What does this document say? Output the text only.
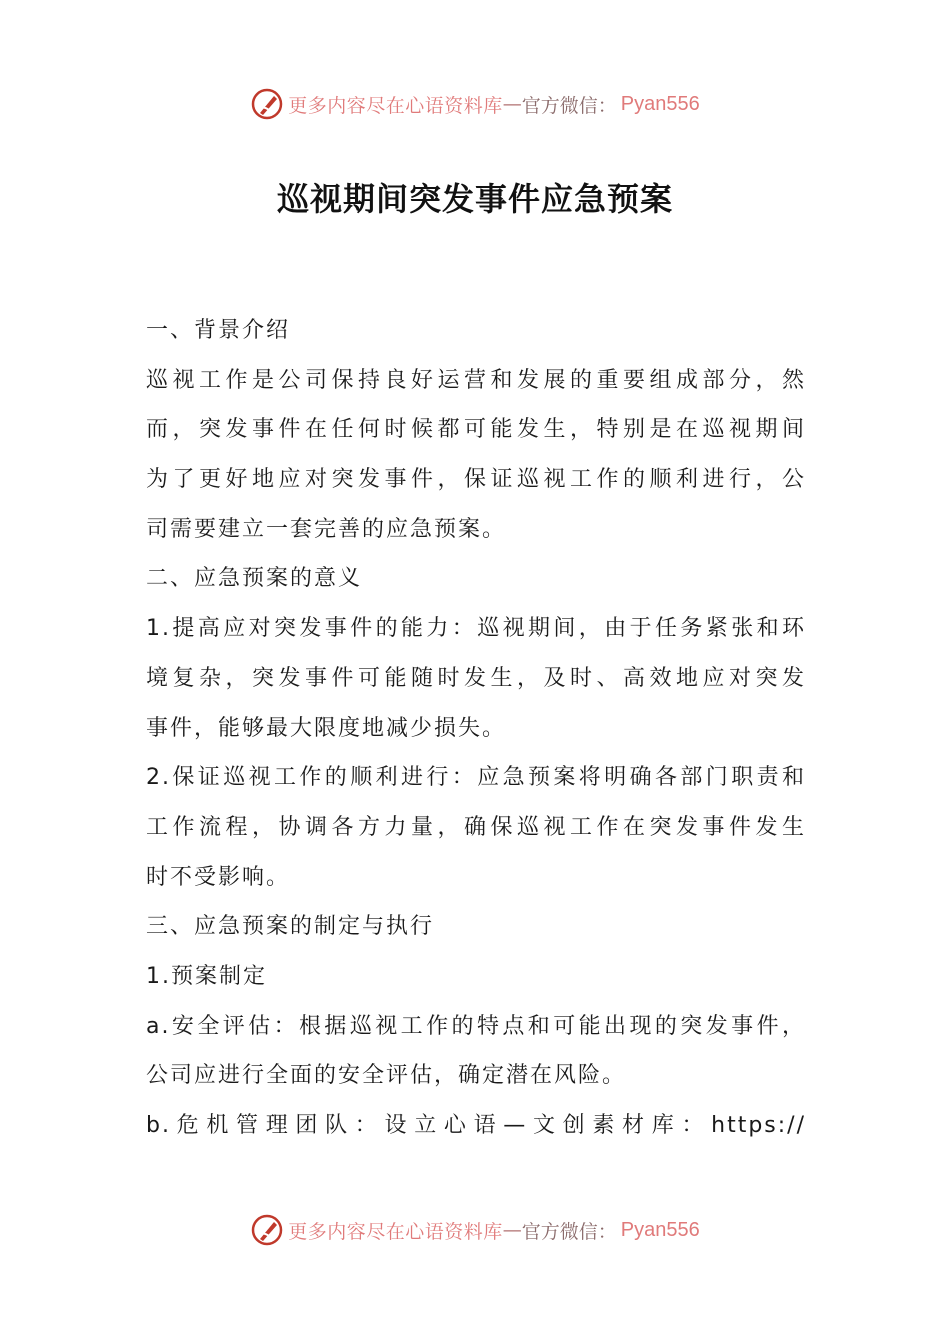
更多内容尽在心语资料库 — 官方微信： Pyan556
巡视期间突发事件应急预案
一、背景介绍
巡视工作是公司保持良好运营和发展的重要组成部分，然
而，突发事件在任何时候都可能发生，特别是在巡视期间
为了更好地应对突发事件，保证巡视工作的顺利进行，公
司需要建立一套完善的应急预案。
二、应急预案的意义
1.提高应对突发事件的能力：巡视期间，由于任务紧张和环
境复杂，突发事件可能随时发生，及时、高效地应对突发
事件，能够最大限度地减少损失。
2.保证巡视工作的顺利进行：应急预案将明确各部门职责和
工作流程，协调各方力量，确保巡视工作在突发事件发生
时不受影响。
三、应急预案的制定与执行
1.预案制定
a.安全评估：根据巡视工作的特点和可能出现的突发事件，
公司应进行全面的安全评估，确定潜在风险。
b.危机管理团队：设立心语—文创素材库：https://
更多内容尽在心语资料库 — 官方微信： Pyan556
